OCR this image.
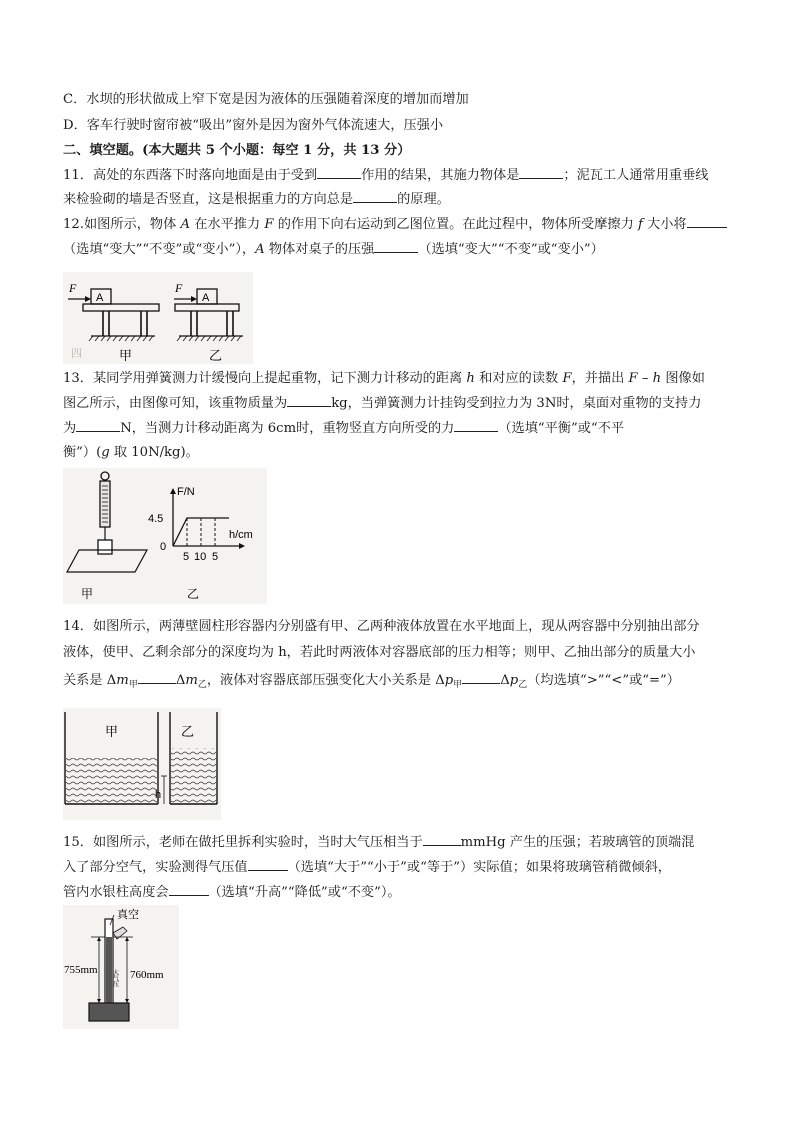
C．水坝的形状做成上窄下宽是因为液体的压强随着深度的增加而增加
D．客车行驶时窗帘被“吸出”窗外是因为窗外气体流速大，压强小
二、填空题。(本大题共 5 个小题：每空 1 分，共 13 分）
11．高处的东西落下时落向地面是由于受到	作用的结果，其施力物体是	；泥瓦工人通常用重垂线
来检验砌的墙是否竖直，这是根据重力的方向总是	的原理。
12.如图所示，物体 A 在水平推力 F 的作用下向右运动到乙图位置。在此过程中，物体所受摩擦力 f 大小将
（选填“变大”“不变”或“变小”），A 物体对桌子的压强	（选填“变大”“不变”或“变小”）
F
A
四	甲
F
A
乙
13．某同学用弹簧测力计缓慢向上提起重物，记下测力计移动的距离 h 和对应的读数 F，并描出 F – h 图像如
图乙所示，由图像可知，该重物质量为	kg，当弹簧测力计挂钩受到拉力为 3N时，桌面对重物的支持力
为	N，当测力计移动距离为 6cm时，重物竖直方向所受的力	（选填“平衡”或“不平
衡”）(g 取 10N/kg)。
甲
F/N
4.5
0
h/cm
5 10 5
乙
14．如图所示，两薄壁圆柱形容器内分别盛有甲、乙两种液体放置在水平地面上，现从两容器中分别抽出部分
液体，使甲、乙剩余部分的深度均为 h，若此时两液体对容器底部的压力相等；则甲、乙抽出部分的质量大小
关系是 $\Delta m_甲$	$\Delta m_乙$，液体对容器底部压强变化大小关系是 $\Delta p_甲$	$\Delta p_乙$（均选填“>”“<”或“=”）
甲	乙
h
15．如图所示，老师在做托里拆利实验时，当时大气压相当于	mmHg 产生的压强；若玻璃管的顶端混
入了部分空气，实验测得气压值	（选填“大于”“小于”或“等于”）实际值；如果将玻璃管稍微倾斜，
管内水银柱高度会	（选填“升高”“降低”或“不变”）。
真空
755mm	760mm
大气压
